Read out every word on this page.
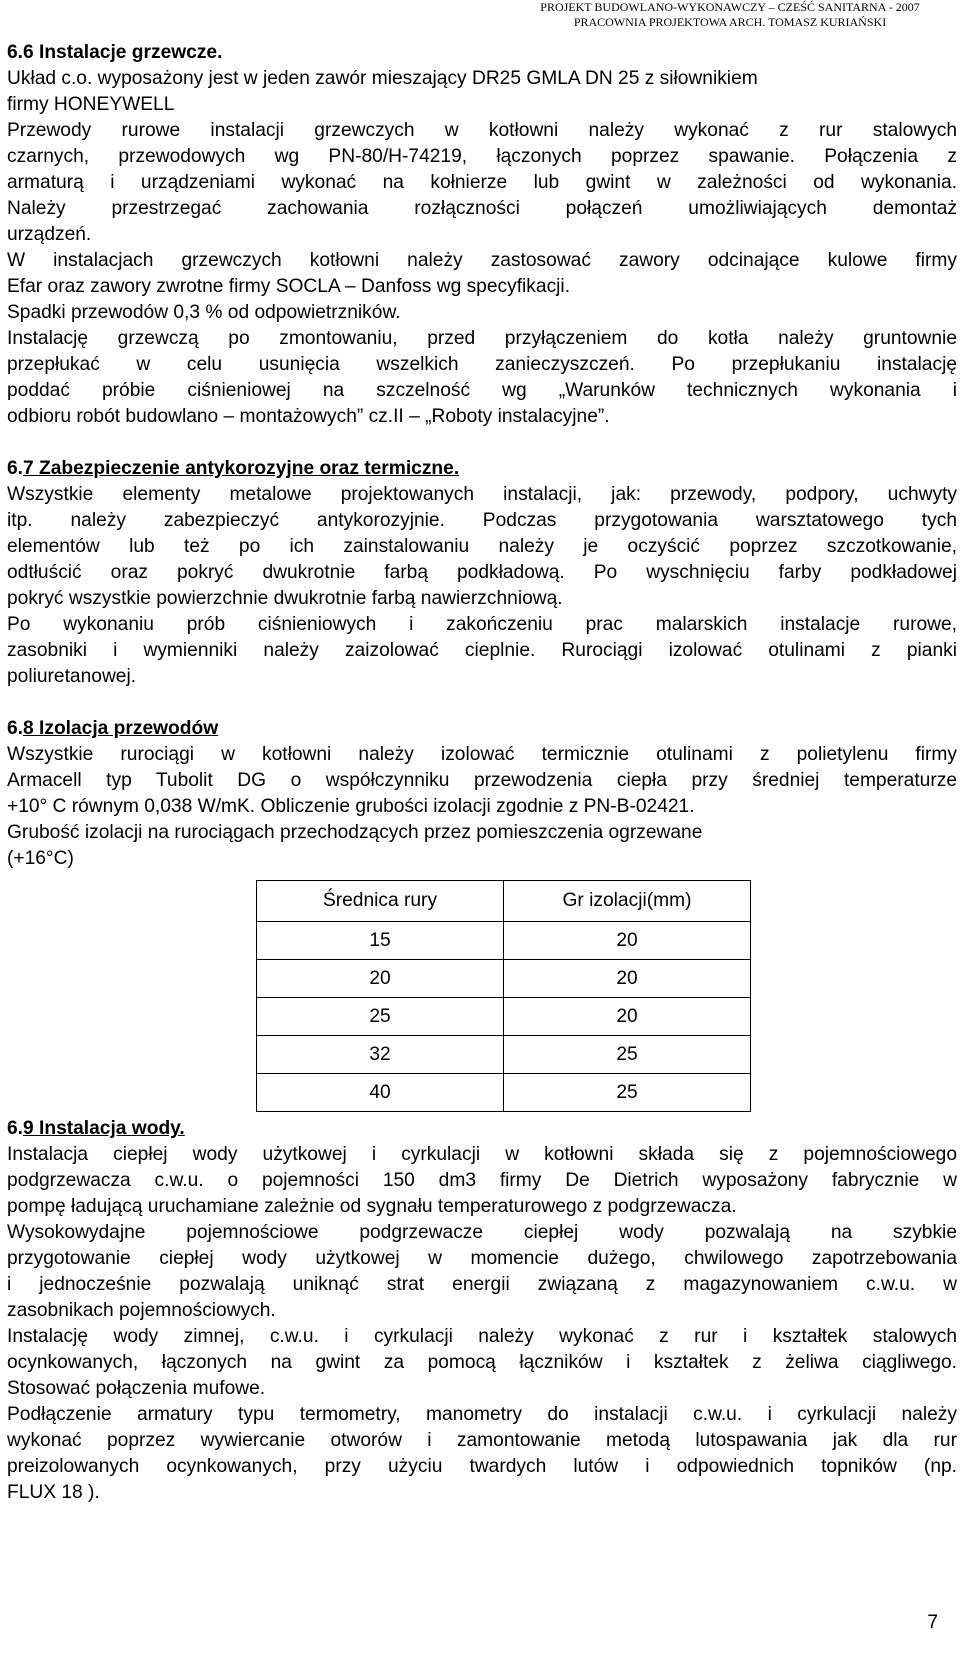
PROJEKT BUDOWLANO-WYKONAWCZY – CZEŚĆ SANITARNA - 2007
PRACOWNIA PROJEKTOWA ARCH. TOMASZ KURIAŃSKI
6.6 Instalacje grzewcze.

Układ c.o. wyposażony jest w jeden zawór mieszający DR25 GMLA DN 25 z siłownikiem

firmy HONEYWELL

Przewody rurowe instalacji grzewczych w kotłowni należy wykonać z rur stalowych

czarnych, przewodowych wg PN-80/H-74219, łączonych poprzez spawanie. Połączenia z

armaturą i urządzeniami wykonać na kołnierze lub gwint w zależności od wykonania.

Należy przestrzegać zachowania rozłączności połączeń umożliwiających demontaż

urządzeń.

W instalacjach grzewczych kotłowni należy zastosować zawory odcinające kulowe firmy

Efar oraz zawory zwrotne firmy SOCLA – Danfoss wg specyfikacji.

Spadki przewodów 0,3 % od odpowietrzników.

Instalację grzewczą po zmontowaniu, przed przyłączeniem do kotła należy gruntownie

przepłukać w celu usunięcia wszelkich zanieczyszczeń. Po przepłukaniu instalację

poddać próbie ciśnieniowej na szczelność wg „Warunków technicznych wykonania i

odbioru robót budowlano – montażowych” cz.II – „Roboty instalacyjne”.

6.7 Zabezpieczenie antykorozyjne oraz termiczne.

Wszystkie elementy metalowe projektowanych instalacji, jak: przewody, podpory, uchwyty

itp. należy zabezpieczyć antykorozyjnie. Podczas przygotowania warsztatowego tych

elementów lub też po ich zainstalowaniu należy je oczyścić poprzez szczotkowanie,

odtłuścić oraz pokryć dwukrotnie farbą podkładową. Po wyschnięciu farby podkładowej

pokryć wszystkie powierzchnie dwukrotnie farbą nawierzchniową.

Po wykonaniu prób ciśnieniowych i zakończeniu prac malarskich instalacje rurowe,

zasobniki i wymienniki należy zaizolować cieplnie. Rurociągi izolować otulinami z pianki

poliuretanowej.

6.8 Izolacja przewodów

Wszystkie rurociągi w kotłowni należy izolować termicznie otulinami z polietylenu firmy

Armacell typ Tubolit DG o współczynniku przewodzenia ciepła przy średniej temperaturze

+10° C równym 0,038 W/mK. Obliczenie grubości izolacji zgodnie z PN-B-02421.

Grubość izolacji na rurociągach przechodzących przez pomieszczenia ogrzewane

(+16°C)

Średnica rury	Gr izolacji(mm)
15	20
20	20
25	20
32	25
40	25
6.9 Instalacja wody.

Instalacja ciepłej wody użytkowej i cyrkulacji w kotłowni składa się z pojemnościowego

podgrzewacza c.w.u. o pojemności 150 dm3 firmy De Dietrich wyposażony fabrycznie w

pompę ładującą uruchamiane zależnie od sygnału temperaturowego z podgrzewacza.

Wysokowydajne pojemnościowe podgrzewacze ciepłej wody pozwalają na szybkie

przygotowanie ciepłej wody użytkowej w momencie dużego, chwilowego zapotrzebowania

i jednocześnie pozwalają uniknąć strat energii związaną z magazynowaniem c.w.u. w

zasobnikach pojemnościowych.

Instalację wody zimnej, c.w.u. i cyrkulacji należy wykonać z rur i kształtek stalowych

ocynkowanych, łączonych na gwint za pomocą łączników i kształtek z żeliwa ciągliwego.

Stosować połączenia mufowe.

Podłączenie armatury typu termometry, manometry do instalacji c.w.u. i cyrkulacji należy

wykonać poprzez wywiercanie otworów i zamontowanie metodą lutospawania jak dla rur

preizolowanych ocynkowanych, przy użyciu twardych lutów i odpowiednich topników (np.

FLUX 18 ).

7
